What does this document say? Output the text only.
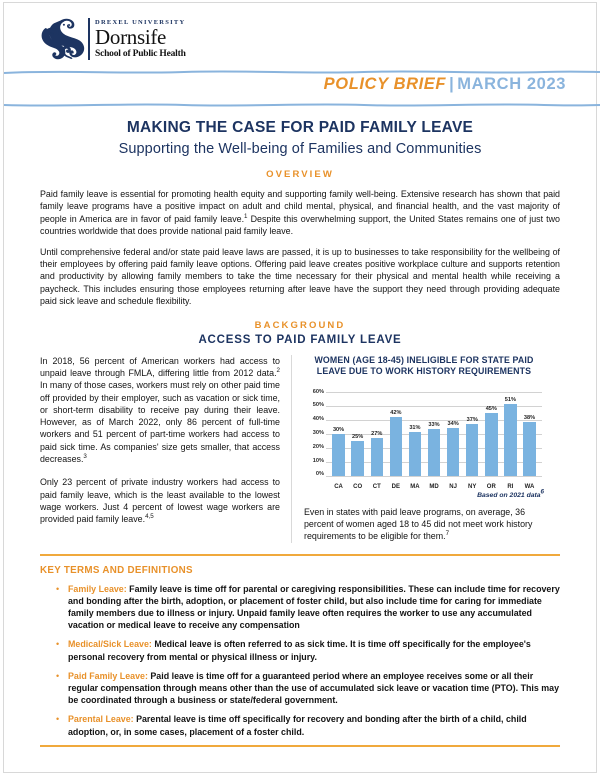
DREXEL UNIVERSITY
Dornsife
School of Public Health
POLICY BRIEF | MARCH 2023
MAKING THE CASE FOR PAID FAMILY LEAVE
Supporting the Well-being of Families and Communities
OVERVIEW

Paid family leave is essential for promoting health equity and supporting family well-being. Extensive research has shown that paid family leave programs have a positive impact on adult and child mental, physical, and financial health, and the vast majority of people in America are in favor of paid family leave.$^1$ Despite this overwhelming support, the United States remains one of just two countries worldwide that does provide national paid family leave.

Until comprehensive federal and/or state paid leave laws are passed, it is up to businesses to take responsibility for the wellbeing of their employees by offering paid family leave options. Offering paid leave creates positive workplace culture and supports retention and productivity by allowing family members to take the time necessary for their physical and mental health while receiving a paycheck. This includes ensuring those employees returning after leave have the support they need through providing adequate paid sick leave and schedule flexibility.

BACKGROUND
ACCESS TO PAID FAMILY LEAVE

In 2018, 56 percent of American workers had access to unpaid leave through FMLA, differing little from 2012 data.$^2$ In many of those cases, workers must rely on other paid time off provided by their employer, such as vacation or sick time, or short-term disability to receive pay during their leave. However, as of March 2022, only 86 percent of full-time workers and 51 percent of part-time workers had access to paid sick time. As companies' size gets smaller, that access decreases.$^3$

Only 23 percent of private industry workers had access to paid family leave, which is the least available to the lowest wage workers. Just 4 percent of lowest wage workers are provided paid family leave.$^{4,5}$

WOMEN (AGE 18-45) INELIGIBLE FOR STATE PAID LEAVE DUE TO WORK HISTORY REQUIREMENTS
30%
25%	27%
42%
31%	33%	34%
37%
45%
51%
38%
60%
50%
40%
30%
20%
10%
0%
CA	CO	CT	DE	MA	MD	NJ	NY	OR	RI	WA
Based on 2021 data$^6$

Even in states with paid leave programs, on average, 36 percent of women aged 18 to 45 did not meet work history requirements to be eligible for them.$^7$

KEY TERMS AND DEFINITIONS
• Family Leave: Family leave is time off for parental or caregiving responsibilities. These can include time for recovery and bonding after the birth, adoption, or placement of foster child, but also include time for caring for immediate family members due to illness or injury. Unpaid family leave often requires the worker to use any accumulated vacation or medical leave to receive any compensation
• Medical/Sick Leave: Medical leave is often referred to as sick time. It is time off specifically for the employee's personal recovery from mental or physical illness or injury.
• Paid Family Leave: Paid leave is time off for a guaranteed period where an employee receives some or all their regular compensation through means other than the use of accumulated sick leave or vacation time (PTO). This may be coordinated through a business or state/federal government.
• Parental Leave: Parental leave is time off specifically for recovery and bonding after the birth of a child, child adoption, or, in some cases, placement of a foster child.
